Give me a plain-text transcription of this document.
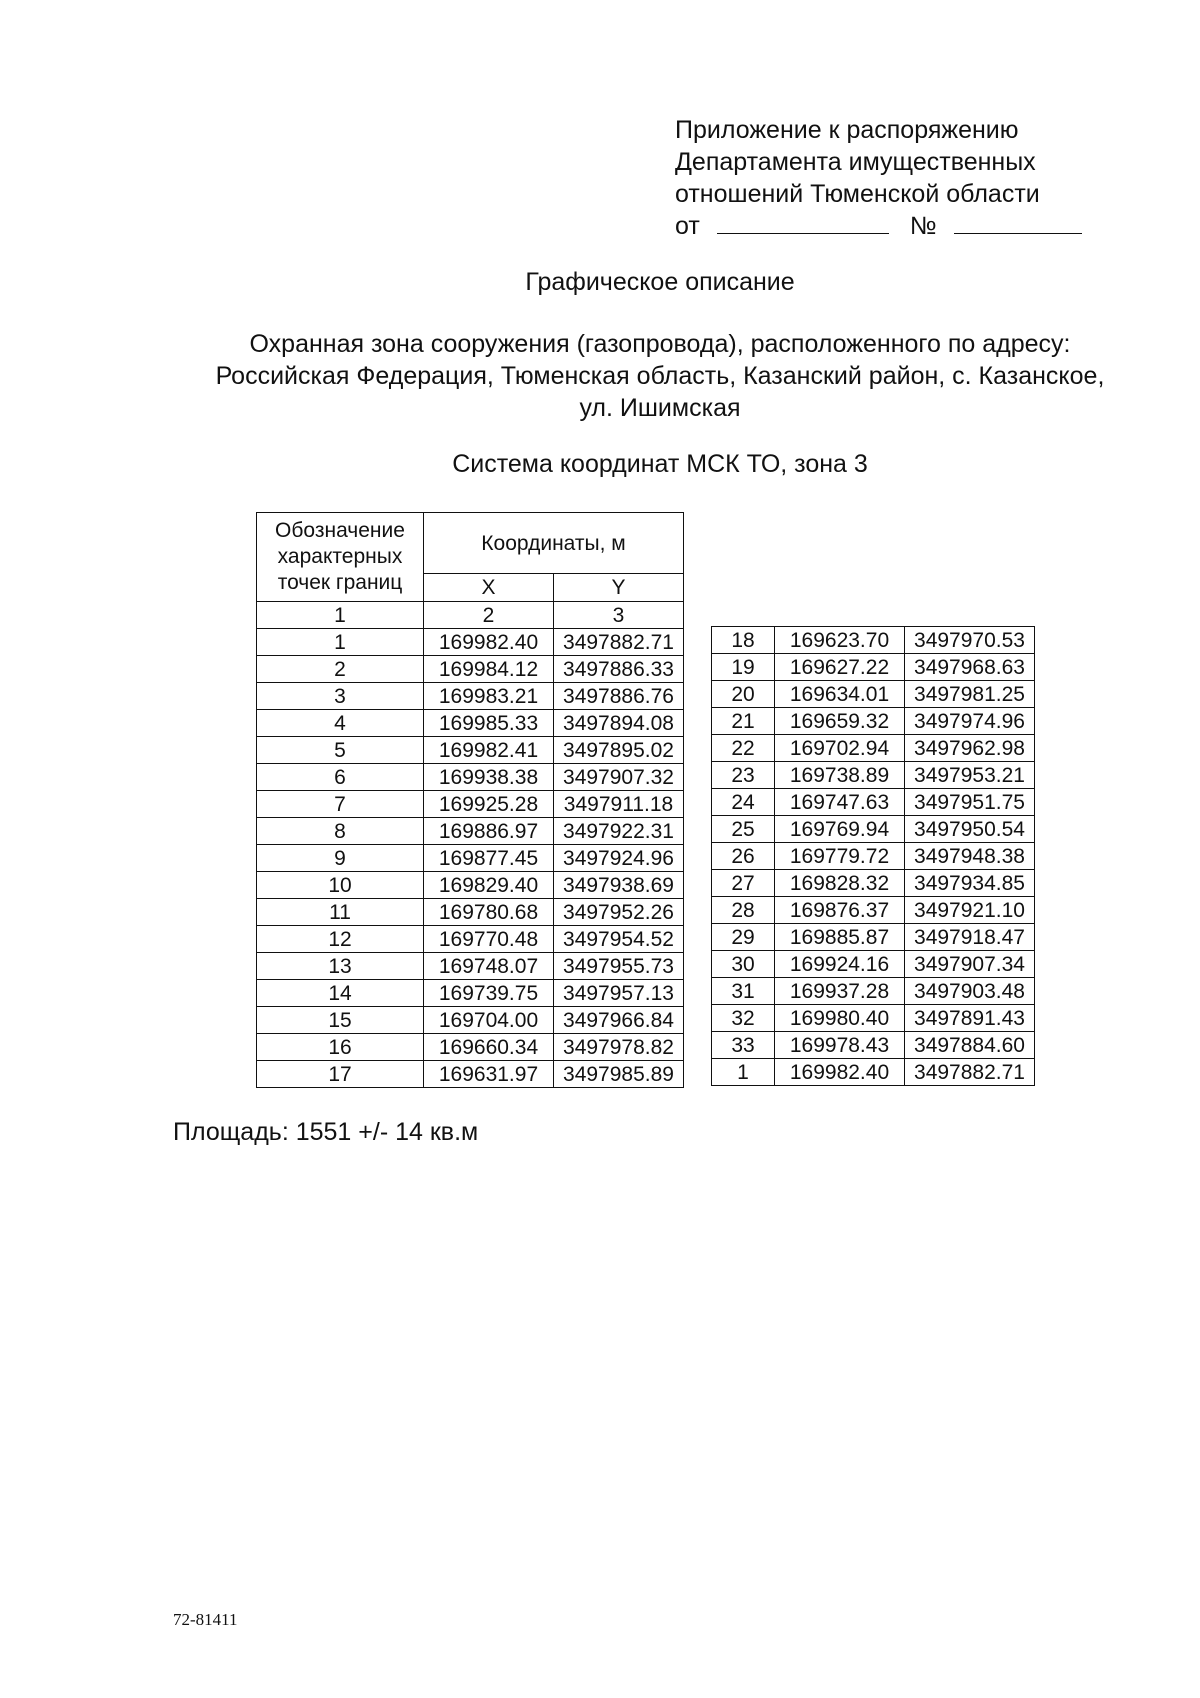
Приложение к распоряжению
Департамента имущественных
отношений Тюменской области
от	№
Графическое описание
Охранная зона сооружения (газопровода), расположенного по адресу:
Российская Федерация, Тюменская область, Казанский район, с. Казанское,
ул. Ишимская
Система координат МСК ТО, зона 3
Обозначение характерных точек границ	Координаты, м	
	X	Y
1	2	3
1	169982.40	3497882.71
2	169984.12	3497886.33
3	169983.21	3497886.76
4	169985.33	3497894.08
5	169982.41	3497895.02
6	169938.38	3497907.32
7	169925.28	3497911.18
8	169886.97	3497922.31
9	169877.45	3497924.96
10	169829.40	3497938.69
11	169780.68	3497952.26
12	169770.48	3497954.52
13	169748.07	3497955.73
14	169739.75	3497957.13
15	169704.00	3497966.84
16	169660.34	3497978.82
17	169631.97	3497985.89
18	169623.70	3497970.53
19	169627.22	3497968.63
20	169634.01	3497981.25
21	169659.32	3497974.96
22	169702.94	3497962.98
23	169738.89	3497953.21
24	169747.63	3497951.75
25	169769.94	3497950.54
26	169779.72	3497948.38
27	169828.32	3497934.85
28	169876.37	3497921.10
29	169885.87	3497918.47
30	169924.16	3497907.34
31	169937.28	3497903.48
32	169980.40	3497891.43
33	169978.43	3497884.60
1	169982.40	3497882.71
Площадь: 1551 +/- 14 кв.м
72-81411
